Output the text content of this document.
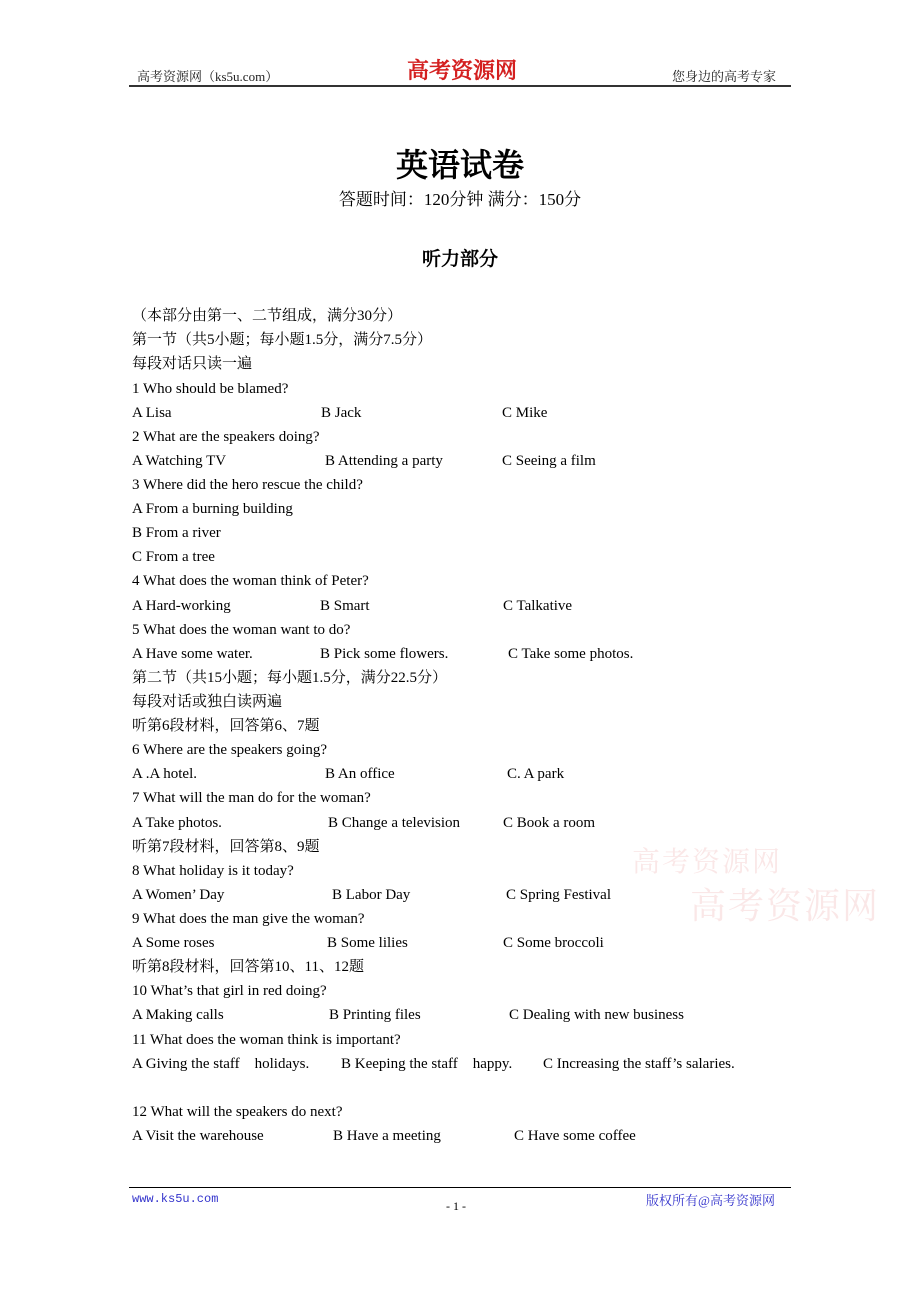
高考资源网（ks5u.com）	高考资源网	您身边的高考专家
英语试卷
答题时间：120分钟 满分：150分
听力部分
（本部分由第一、二节组成，满分30分）
第一节（共5小题；每小题1.5分，满分7.5分）
每段对话只读一遍
1 Who should be blamed?
A Lisa	B Jack	C Mike
2 What are the speakers doing?
A Watching TV	B Attending a party	C Seeing a film
3 Where did the hero rescue the child?
A From a burning building
B From a river
C From a tree
4 What does the woman think of Peter?
A Hard-working	B Smart	C Talkative
5 What does the woman want to do?
A Have some water.	B Pick some flowers.	C Take some photos.
第二节（共15小题；每小题1.5分，满分22.5分）
每段对话或独白读两遍
听第6段材料，回答第6、7题
6 Where are the speakers going?
A .A hotel.	B An office	C. A park
7 What will the man do for the woman?
A Take photos.	B Change a television	C Book a room
听第7段材料，回答第8、9题
8 What holiday is it today?
A Women’ Day	B Labor Day	C Spring Festival
9 What does the man give the woman?
A Some roses	B Some lilies	C Some broccoli
听第8段材料，回答第10、11、12题
10 What’s that girl in red doing?
A Making calls	B Printing files	C Dealing with new business
11 What does the woman think is important?
A Giving the staff    holidays. B Keeping the staff    happy. C Increasing the staff’s salaries.
12 What will the speakers do next?
A Visit the warehouse	B Have a meeting	C Have some coffee
高考资源网
高考资源网
www.ks5u.com	- 1 -	版权所有@高考资源网
